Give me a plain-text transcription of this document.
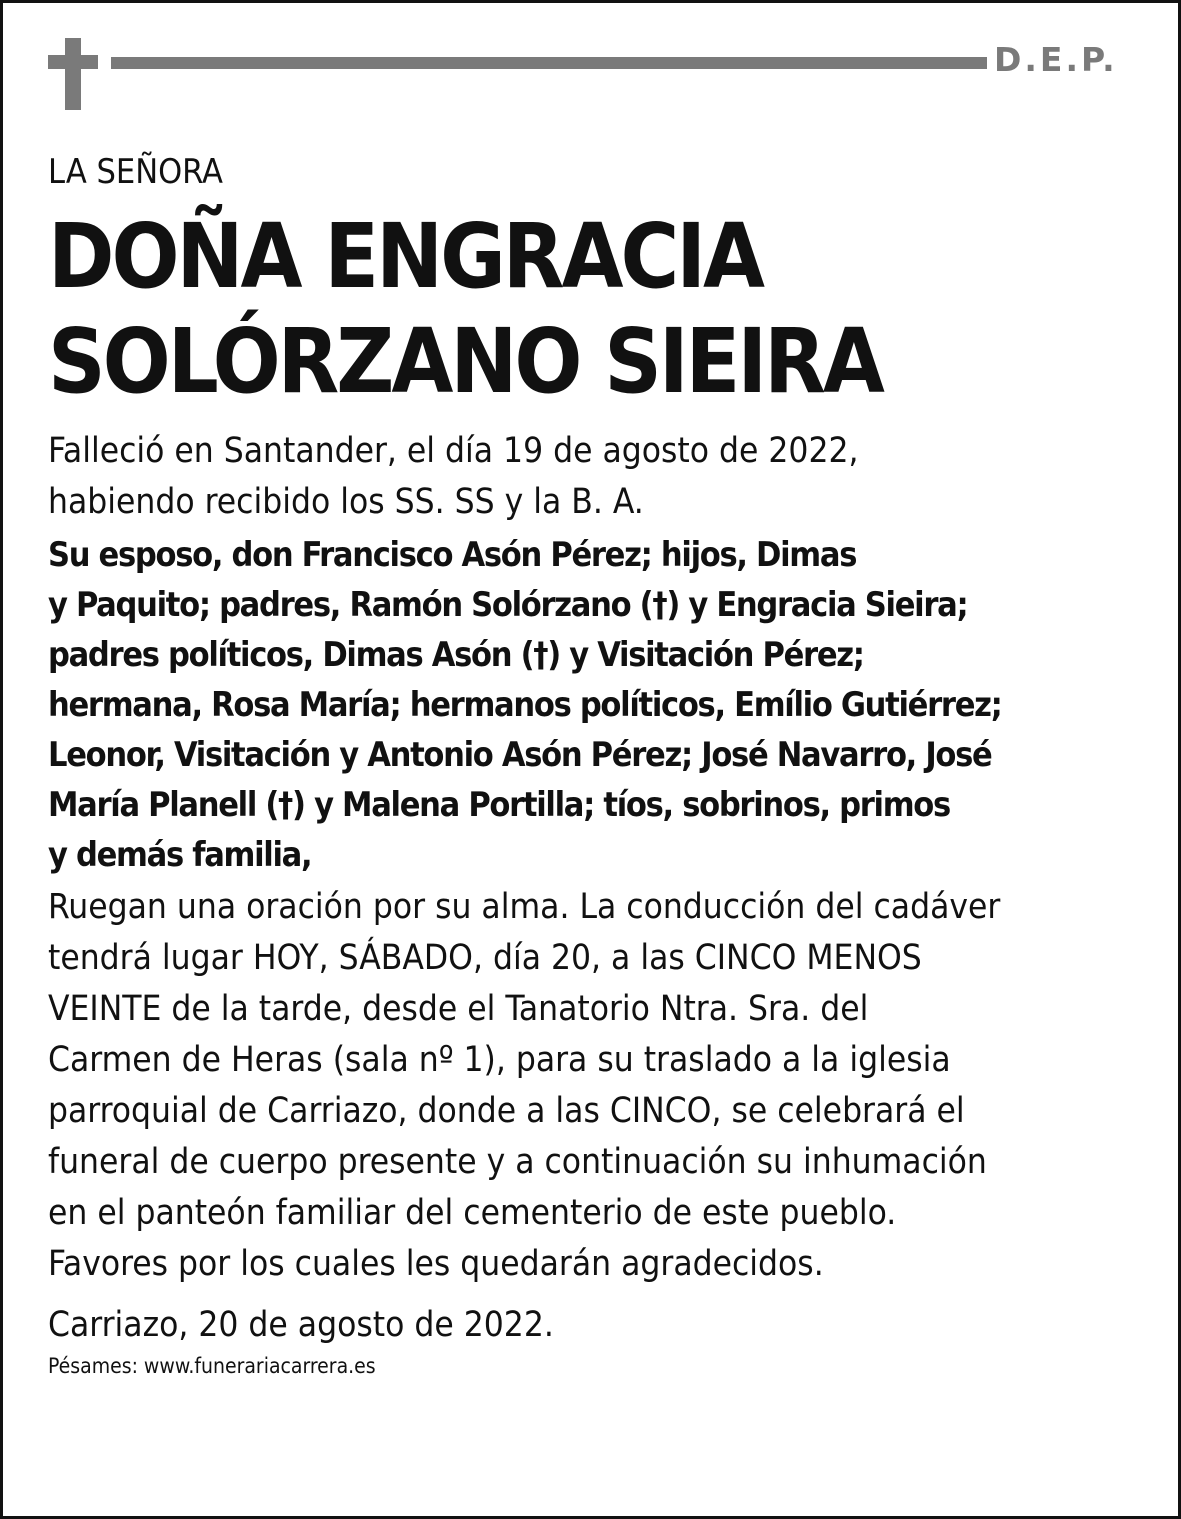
D.E.P.

LA SEÑORA

DOÑA ENGRACIA
SOLÓRZANO SIEIRA

Falleció en Santander, el día 19 de agosto de 2022,
habiendo recibido los SS. SS y la B. A.

Su esposo, don Francisco Asón Pérez; hijos, Dimas
y Paquito; padres, Ramón Solórzano (†) y Engracia Sieira;
padres políticos, Dimas Asón (†) y Visitación Pérez;
hermana, Rosa María; hermanos políticos, Emílio Gutiérrez;
Leonor, Visitación y Antonio Asón Pérez; José Navarro, José
María Planell (†) y Malena Portilla; tíos, sobrinos, primos
y demás familia,

Ruegan una oración por su alma. La conducción del cadáver
tendrá lugar HOY, SÁBADO, día 20, a las CINCO MENOS
VEINTE de la tarde, desde el Tanatorio Ntra. Sra. del
Carmen de Heras (sala nº 1), para su traslado a la iglesia
parroquial de Carriazo, donde a las CINCO, se celebrará el
funeral de cuerpo presente y a continuación su inhumación
en el panteón familiar del cementerio de este pueblo.
Favores por los cuales les quedarán agradecidos.

Carriazo, 20 de agosto de 2022.

Pésames: www.funerariacarrera.es
